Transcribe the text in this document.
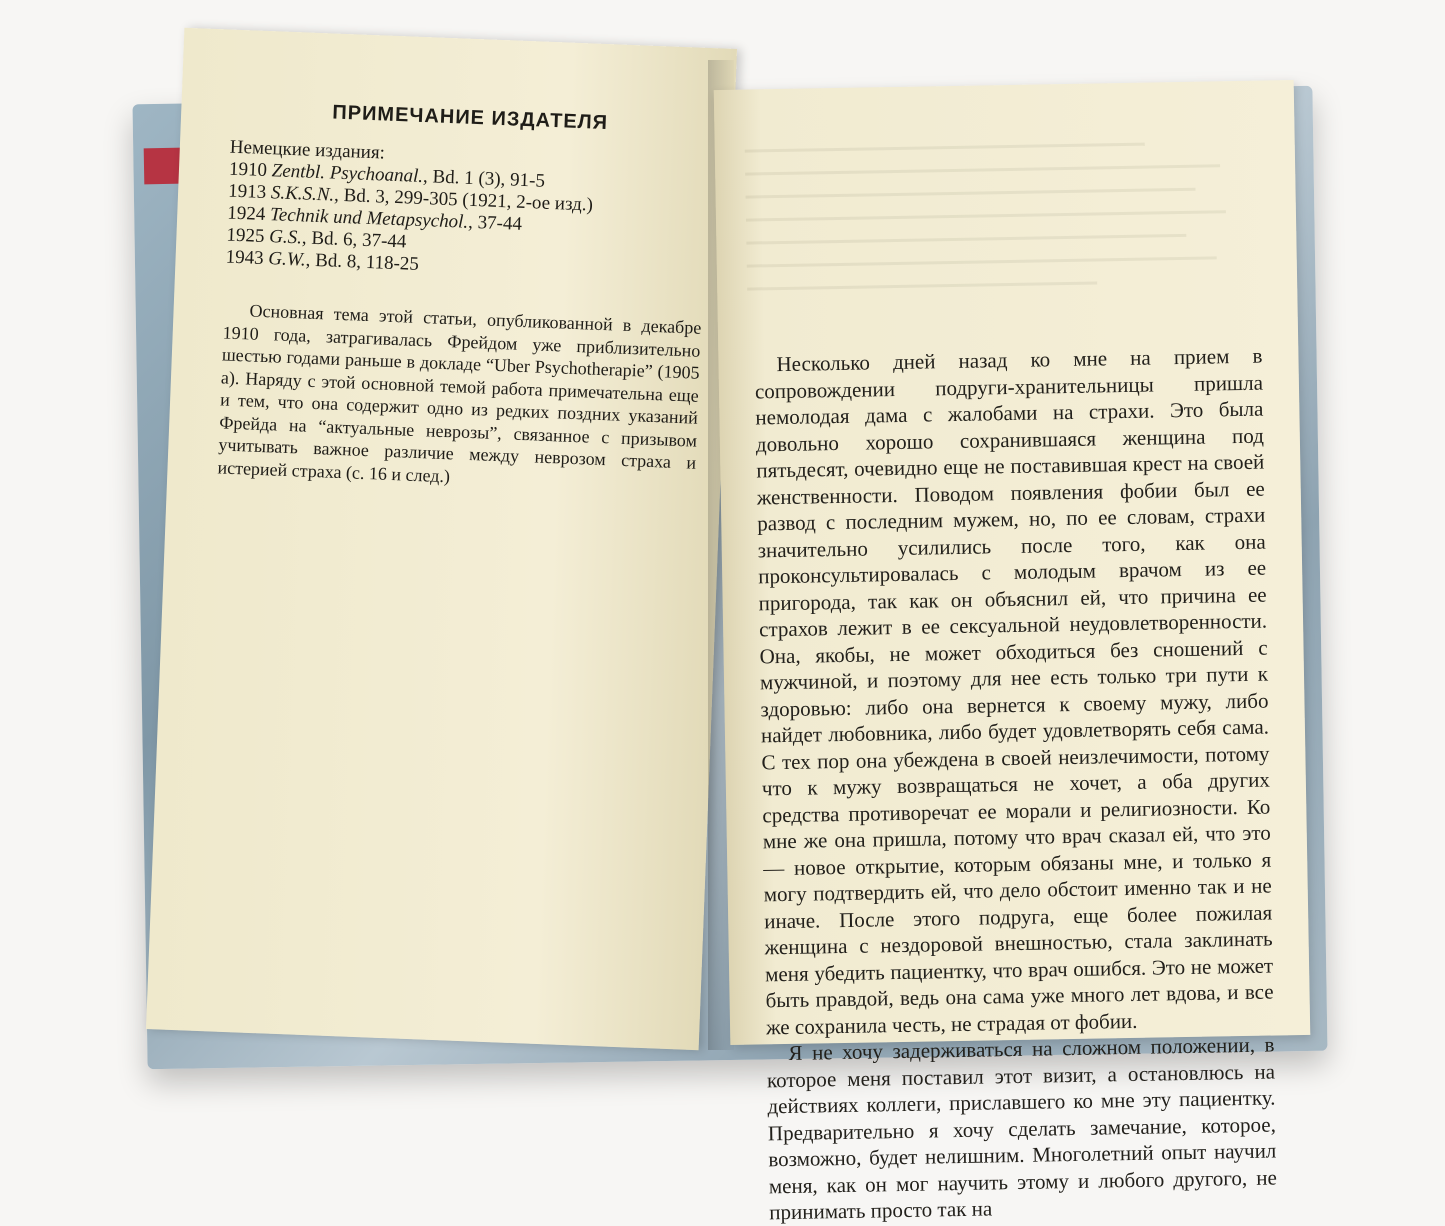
ПРИМЕЧАНИЕ ИЗДАТЕЛЯ
Немецкие издания:
1910 Zentbl. Psychoanal., Bd. 1 (3), 91-5
1913 S.K.S.N., Bd. 3, 299-305 (1921, 2-ое изд.)
1924 Technik und Metapsychol., 37-44
1925 G.S., Bd. 6, 37-44
1943 G.W., Bd. 8, 118-25

Основная тема этой статьи, опубликованной в декабре 1910 года, затрагивалась Фрейдом уже приблизительно шестью годами раньше в докладе “Uber Psychotherapie” (1905 a). Наряду с этой основной темой работа примечательна еще и тем, что она содержит одно из редких поздних указаний Фрейда на “актуальные неврозы”, связанное с призывом учитывать важное различие между неврозом страха и истерией страха (с. 16 и след.)

Несколько дней назад ко мне на прием в сопровождении подруги-хранительницы пришла немолодая дама с жалобами на страхи. Это была довольно хорошо сохранившаяся женщина под пятьдесят, очевидно еще не поставившая крест на своей женственности. Поводом появления фобии был ее развод с последним мужем, но, по ее словам, страхи значительно усилились после того, как она проконсультировалась с молодым врачом из ее пригорода, так как он объяснил ей, что причина ее страхов лежит в ее сексуальной неудовлетворенности. Она, якобы, не может обходиться без сношений с мужчиной, и поэтому для нее есть только три пути к здоровью: либо она вернется к своему мужу, либо найдет любовника, либо будет удовлетворять себя сама. С тех пор она убеждена в своей неизлечимости, потому что к мужу возвращаться не хочет, а оба других средства противоречат ее морали и религиозности. Ко мне же она пришла, потому что врач сказал ей, что это — новое открытие, которым обязаны мне, и только я могу подтвердить ей, что дело обстоит именно так и не иначе. После этого подруга, еще более пожилая женщина с нездоровой внешностью, стала заклинать меня убедить пациентку, что врач ошибся. Это не может быть правдой, ведь она сама уже много лет вдова, и все же сохранила честь, не страдая от фобии.

Я не хочу задерживаться на сложном положении, в которое меня поставил этот визит, а остановлюсь на действиях коллеги, приславшего ко мне эту пациентку. Предварительно я хочу сделать замечание, которое, возможно, будет нелишним. Многолетний опыт научил меня, как он мог научить этому и любого другого, не принимать просто так на
